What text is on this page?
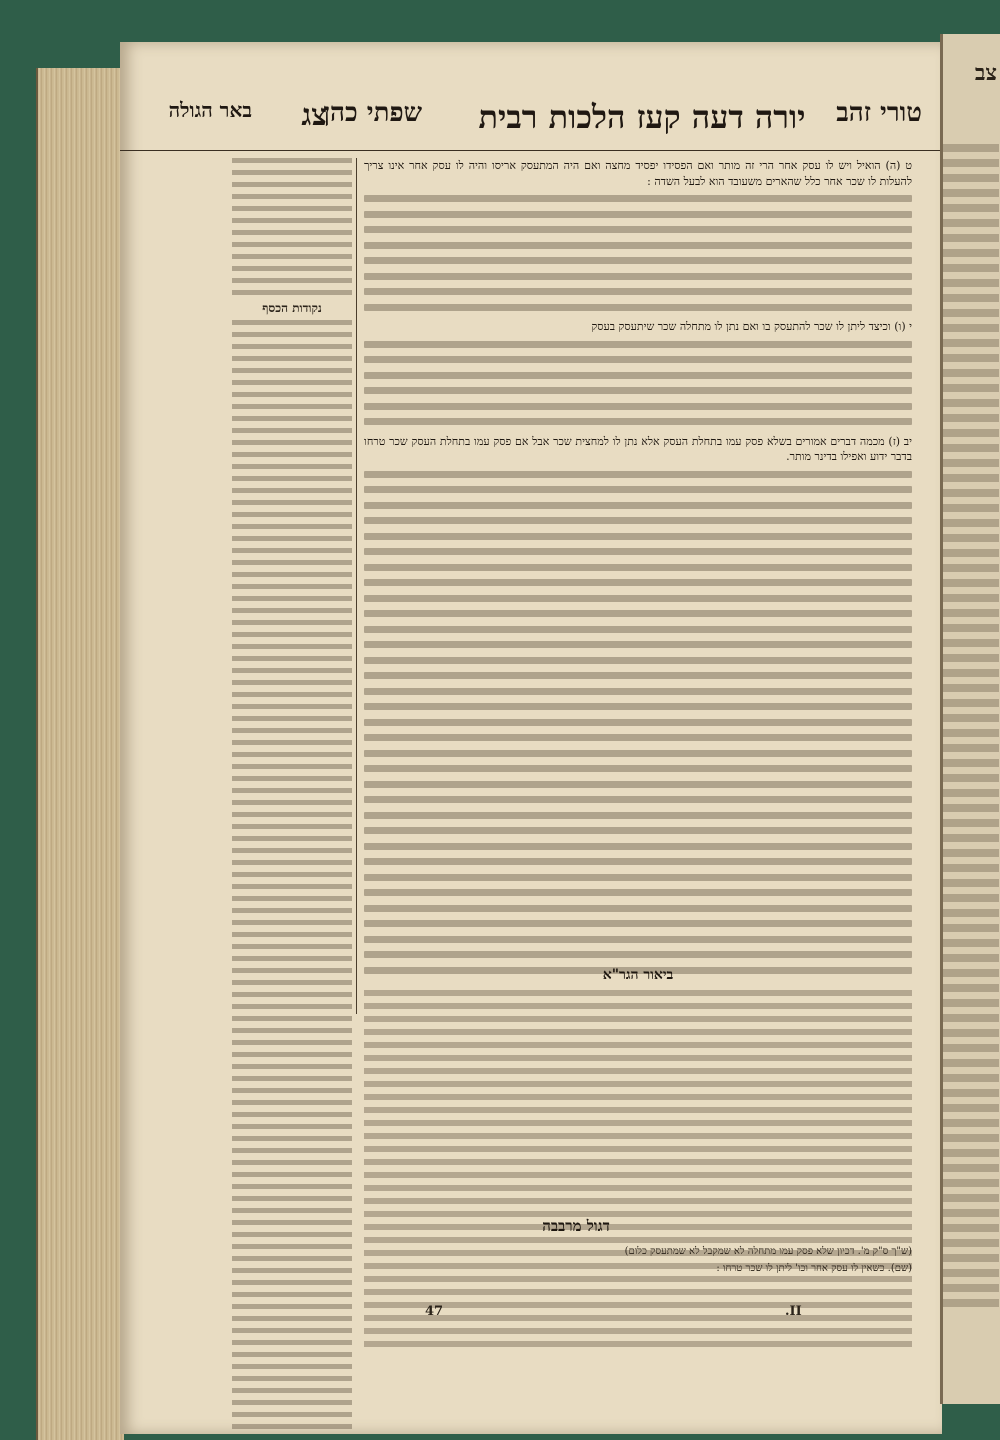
טורי זהב
יורה דעה קעז הלכות רבית
שפתי כהן
צג
באר הגולה

ט (ה) הואיל ויש לו עסק אחר הרי זה מותר ואם הפסידו יפסיד מחצה ואם היה המתעסק אריסו והיה לו עסק אחר אינו צריך להעלות לו שכר אחר כלל שהארים משעובד הוא לבעל השדה :

י (ו) וכיצד ליתן לו שכר להתעסק בו ואם נתן לו מתחלה שכר שיתעסק בעסק

יב (ז) מכמה דברים אמורים בשלא פסק עמו בתחלת העסק אלא נתן לו למחצית שכר אבל אם פסק עמו בתחלת העסק שכר טרחו בדבר ידוע ואפילו בדינר מותר.

נקודות הכסף
ביאור הגר"א
דגול מרבבה

(ש"ך ס"ק מ'. דכיון שלא פסק עמו מתחלה לא שמקבל לא שמתעסק כלום)

(שם). כשאין לו עסק אחר וכו' ליתן לו שכר טרחו :

47	II.
צב
